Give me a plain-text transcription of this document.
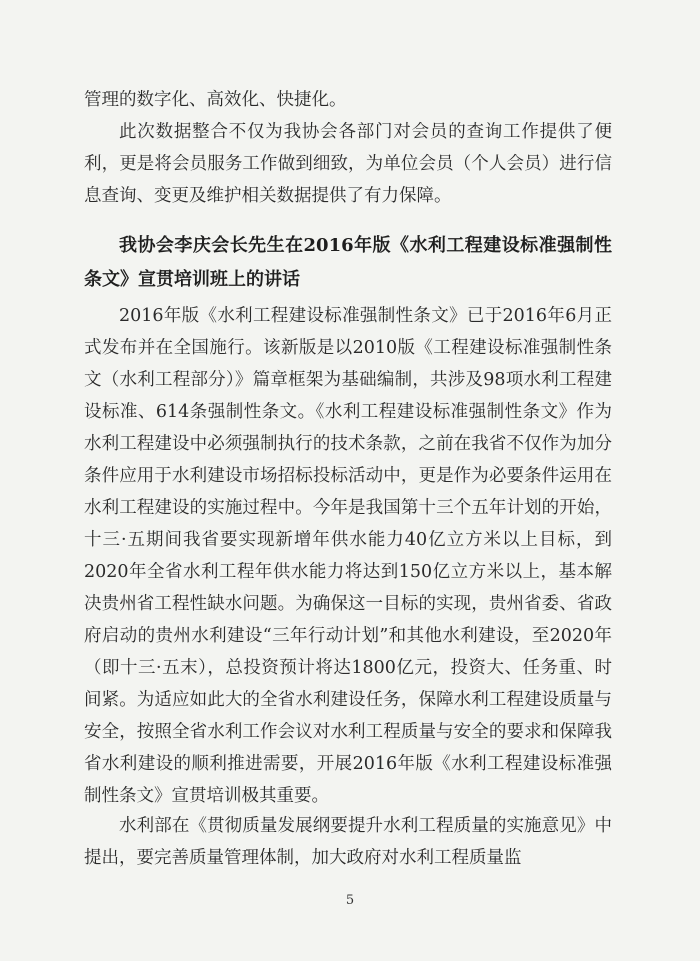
管理的数字化、高效化、快捷化。

此次数据整合不仅为我协会各部门对会员的查询工作提供了便利，更是将会员服务工作做到细致，为单位会员（个人会员）进行信息查询、变更及维护相关数据提供了有力保障。

我协会李庆会长先生在2016年版《水利工程建设标准强制性条文》宣贯培训班上的讲话

2016年版《水利工程建设标准强制性条文》已于2016年6月正式发布并在全国施行。该新版是以2010版《工程建设标准强制性条文（水利工程部分）》篇章框架为基础编制，共涉及98项水利工程建设标准、614条强制性条文。《水利工程建设标准强制性条文》作为水利工程建设中必须强制执行的技术条款，之前在我省不仅作为加分条件应用于水利建设市场招标投标活动中，更是作为必要条件运用在水利工程建设的实施过程中。今年是我国第十三个五年计划的开始，十三·五期间我省要实现新增年供水能力40亿立方米以上目标，到2020年全省水利工程年供水能力将达到150亿立方米以上，基本解决贵州省工程性缺水问题。为确保这一目标的实现，贵州省委、省政府启动的贵州水利建设“三年行动计划”和其他水利建设，至2020年（即十三·五末），总投资预计将达1800亿元，投资大、任务重、时间紧。为适应如此大的全省水利建设任务，保障水利工程建设质量与安全，按照全省水利工作会议对水利工程质量与安全的要求和保障我省水利建设的顺利推进需要，开展2016年版《水利工程建设标准强制性条文》宣贯培训极其重要。

水利部在《贯彻质量发展纲要提升水利工程质量的实施意见》中提出，要完善质量管理体制，加大政府对水利工程质量监

5
